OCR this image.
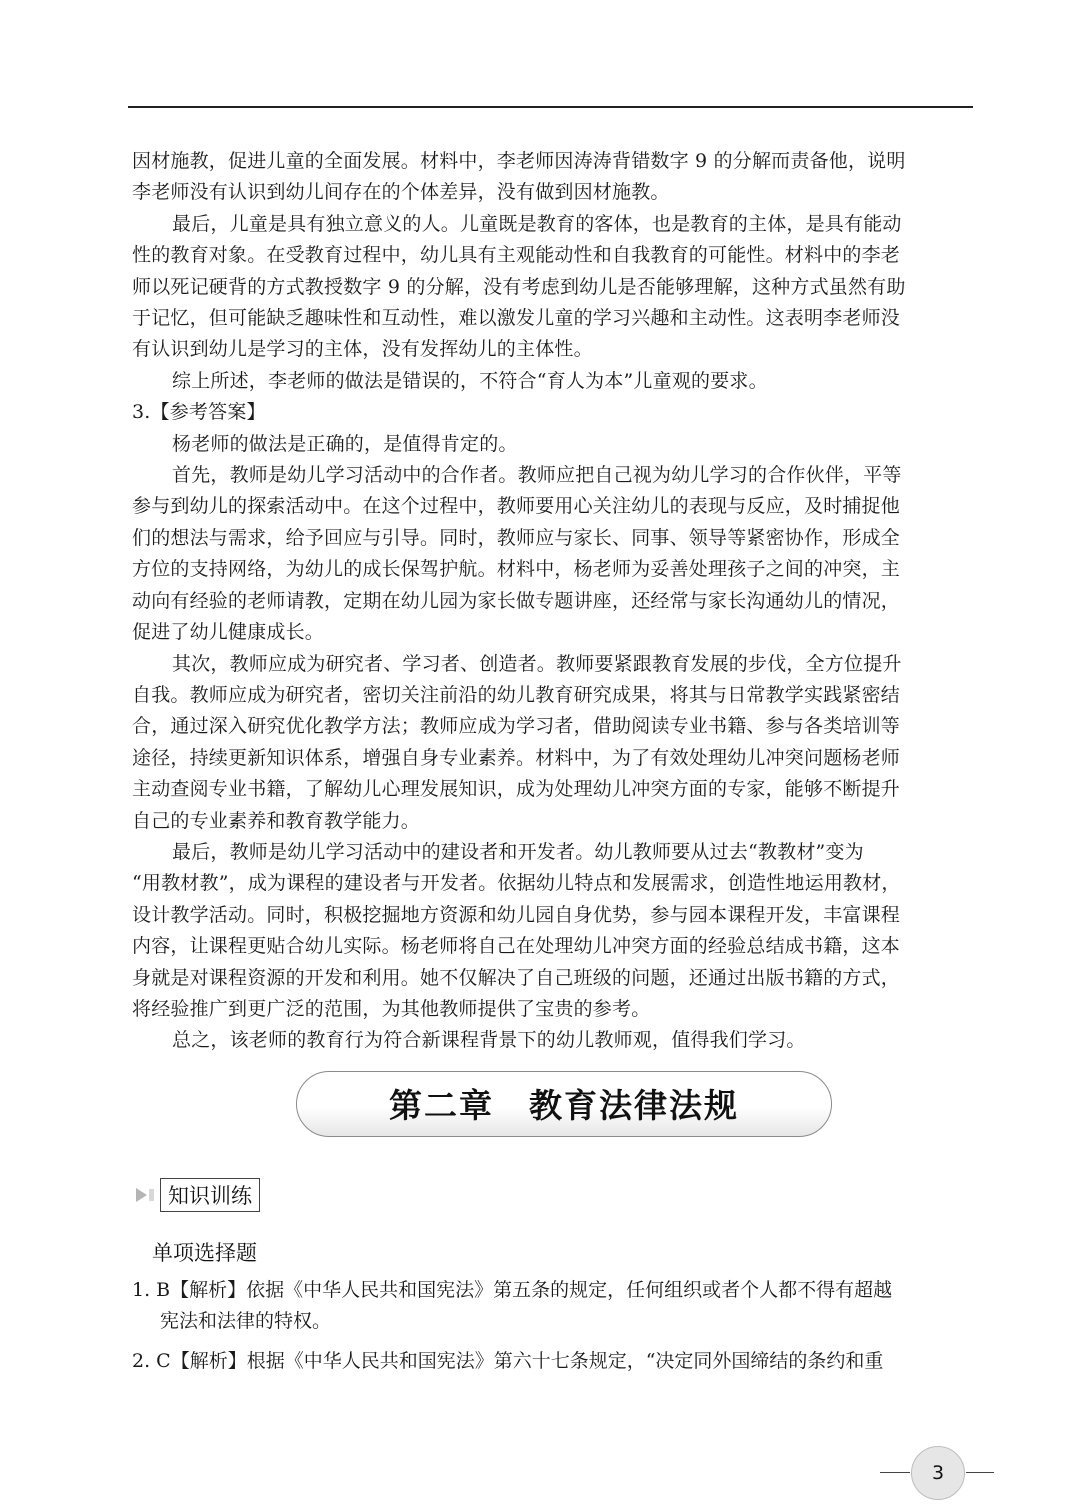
因材施教，促进儿童的全面发展。材料中，李老师因涛涛背错数字 9 的分解而责备他，说明
李老师没有认识到幼儿间存在的个体差异，没有做到因材施教。
最后，儿童是具有独立意义的人。儿童既是教育的客体，也是教育的主体，是具有能动
性的教育对象。在受教育过程中，幼儿具有主观能动性和自我教育的可能性。材料中的李老
师以死记硬背的方式教授数字 9 的分解，没有考虑到幼儿是否能够理解，这种方式虽然有助
于记忆，但可能缺乏趣味性和互动性，难以激发儿童的学习兴趣和主动性。这表明李老师没
有认识到幼儿是学习的主体，没有发挥幼儿的主体性。
综上所述，李老师的做法是错误的，不符合“育人为本”儿童观的要求。
3.【参考答案】
杨老师的做法是正确的，是值得肯定的。
首先，教师是幼儿学习活动中的合作者。教师应把自己视为幼儿学习的合作伙伴，平等
参与到幼儿的探索活动中。在这个过程中，教师要用心关注幼儿的表现与反应，及时捕捉他
们的想法与需求，给予回应与引导。同时，教师应与家长、同事、领导等紧密协作，形成全
方位的支持网络，为幼儿的成长保驾护航。材料中，杨老师为妥善处理孩子之间的冲突，主
动向有经验的老师请教，定期在幼儿园为家长做专题讲座，还经常与家长沟通幼儿的情况，
促进了幼儿健康成长。
其次，教师应成为研究者、学习者、创造者。教师要紧跟教育发展的步伐，全方位提升
自我。教师应成为研究者，密切关注前沿的幼儿教育研究成果，将其与日常教学实践紧密结
合，通过深入研究优化教学方法；教师应成为学习者，借助阅读专业书籍、参与各类培训等
途径，持续更新知识体系，增强自身专业素养。材料中，为了有效处理幼儿冲突问题杨老师
主动查阅专业书籍，了解幼儿心理发展知识，成为处理幼儿冲突方面的专家，能够不断提升
自己的专业素养和教育教学能力。
最后，教师是幼儿学习活动中的建设者和开发者。幼儿教师要从过去“教教材”变为
“用教材教”，成为课程的建设者与开发者。依据幼儿特点和发展需求，创造性地运用教材，
设计教学活动。同时，积极挖掘地方资源和幼儿园自身优势，参与园本课程开发，丰富课程
内容，让课程更贴合幼儿实际。杨老师将自己在处理幼儿冲突方面的经验总结成书籍，这本
身就是对课程资源的开发和利用。她不仅解决了自己班级的问题，还通过出版书籍的方式，
将经验推广到更广泛的范围，为其他教师提供了宝贵的参考。
总之，该老师的教育行为符合新课程背景下的幼儿教师观，值得我们学习。
第二章　教育法律法规
知识训练
单项选择题
1. B【解析】依据《中华人民共和国宪法》第五条的规定，任何组织或者个人都不得有超越
宪法和法律的特权。
2. C【解析】根据《中华人民共和国宪法》第六十七条规定，“决定同外国缔结的条约和重
3
